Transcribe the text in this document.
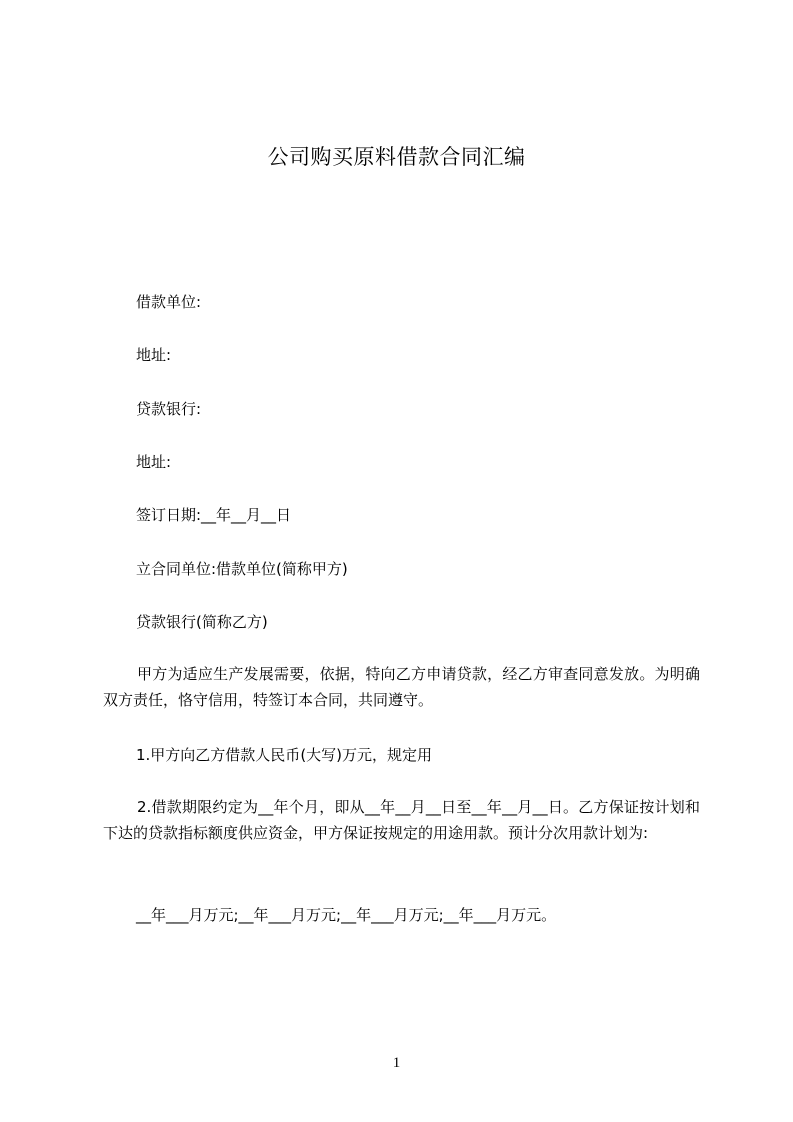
公司购买原料借款合同汇编
借款单位:
地址:
贷款银行:
地址:
签订日期:__年__月__日
立合同单位:借款单位(简称甲方)
贷款银行(简称乙方)
甲方为适应生产发展需要，依据，特向乙方申请贷款，经乙方审查同意发放。为明确双方责任，恪守信用，特签订本合同，共同遵守。
1.甲方向乙方借款人民币(大写)万元，规定用
2.借款期限约定为__年个月，即从__年__月__日至__年__月__日。乙方保证按计划和下达的贷款指标额度供应资金，甲方保证按规定的用途用款。预计分次用款计划为:
__年___月万元;__年___月万元;__年___月万元;__年___月万元。
1
